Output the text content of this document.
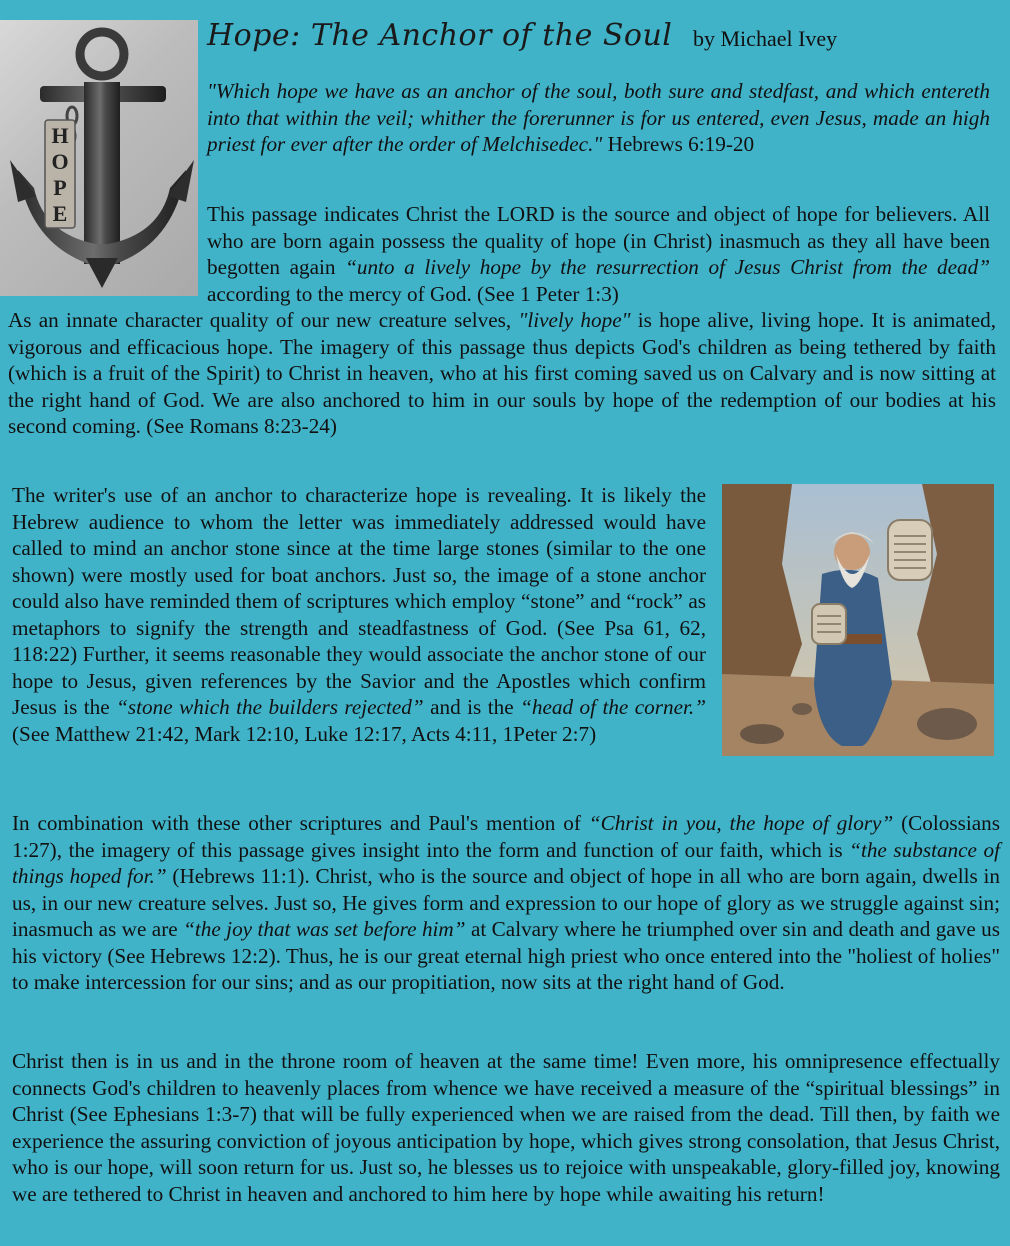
H
O
P
E
Hope: The Anchor of the Soul by Michael Ivey

"Which hope we have as an anchor of the soul, both sure and stedfast, and which entereth into that within the veil; whither the forerunner is for us entered, even Jesus, made an high priest for ever after the order of Melchisedec." Hebrews 6:19-20

This passage indicates Christ the LORD is the source and object of hope for believers. All who are born again possess the quality of hope (in Christ) inasmuch as they all have been begotten again “unto a lively hope by the resurrection of Jesus Christ from the dead” according to the mercy of God. (See 1 Peter 1:3)

As an innate character quality of our new creature selves, "lively hope" is hope alive, living hope. It is animated, vigorous and efficacious hope. The imagery of this passage thus depicts God's children as being tethered by faith (which is a fruit of the Spirit) to Christ in heaven, who at his first coming saved us on Calvary and is now sitting at the right hand of God. We are also anchored to him in our souls by hope of the redemption of our bodies at his second coming. (See Romans 8:23-24)

The writer's use of an anchor to characterize hope is revealing. It is likely the Hebrew audience to whom the letter was immediately addressed would have called to mind an anchor stone since at the time large stones (similar to the one shown) were mostly used for boat anchors. Just so, the image of a stone anchor could also have reminded them of scriptures which employ “stone” and “rock” as metaphors to signify the strength and steadfastness of God. (See Psa 61, 62, 118:22) Further, it seems reasonable they would associate the anchor stone of our hope to Jesus, given references by the Savior and the Apostles which confirm Jesus is the “stone which the builders rejected” and is the “head of the corner.” (See Matthew 21:42, Mark 12:10, Luke 12:17, Acts 4:11, 1Peter 2:7)

In combination with these other scriptures and Paul's mention of “Christ in you, the hope of glory” (Colossians 1:27), the imagery of this passage gives insight into the form and function of our faith, which is “the substance of things hoped for.” (Hebrews 11:1). Christ, who is the source and object of hope in all who are born again, dwells in us, in our new creature selves. Just so, He gives form and expression to our hope of glory as we struggle against sin; inasmuch as we are “the joy that was set before him” at Calvary where he triumphed over sin and death and gave us his victory (See Hebrews 12:2). Thus, he is our great eternal high priest who once entered into the "holiest of holies" to make intercession for our sins; and as our propitiation, now sits at the right hand of God.

Christ then is in us and in the throne room of heaven at the same time! Even more, his omnipresence effectually connects God's children to heavenly places from whence we have received a measure of the “spiritual blessings” in Christ (See Ephesians 1:3-7) that will be fully experienced when we are raised from the dead. Till then, by faith we experience the assuring conviction of joyous anticipation by hope, which gives strong consolation, that Jesus Christ, who is our hope, will soon return for us. Just so, he blesses us to rejoice with unspeakable, glory-filled joy, knowing we are tethered to Christ in heaven and anchored to him here by hope while awaiting his return!
